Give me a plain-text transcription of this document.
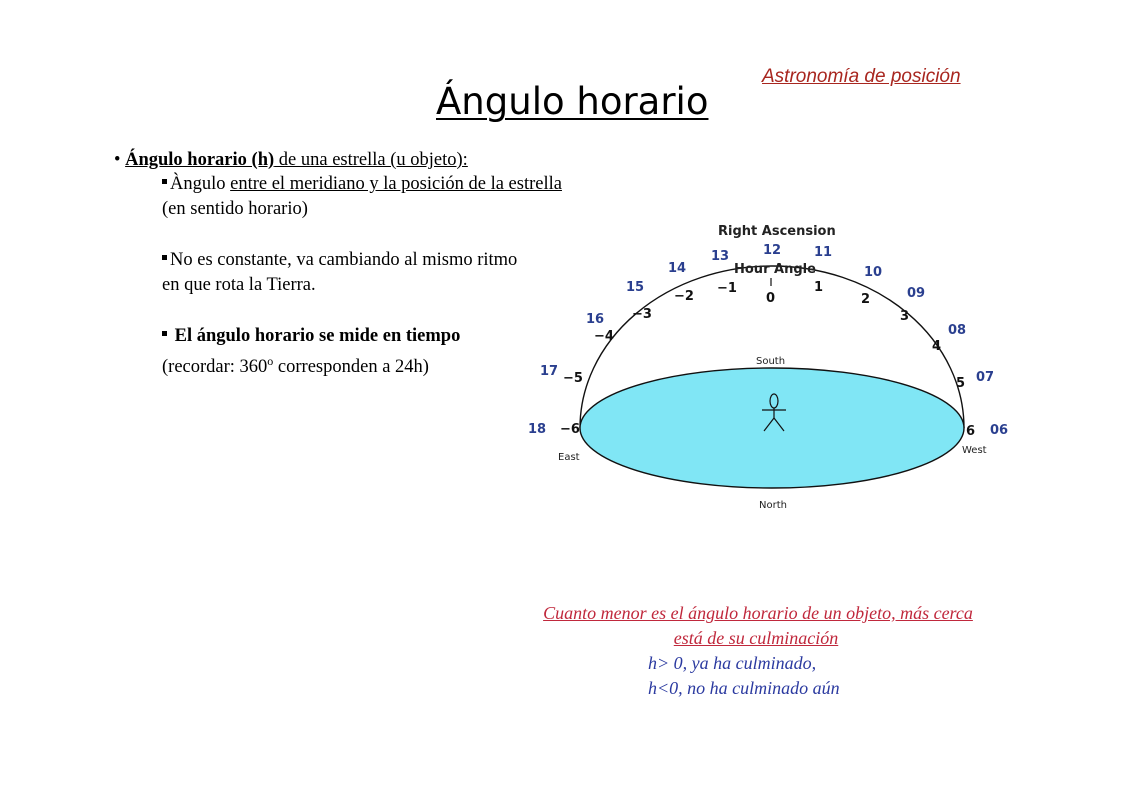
Astronomía de posición
Ángulo horario
• Ángulo horario (h) de una estrella (u objeto):
Àngulo entre el meridiano y la posición de la estrella (en sentido horario)
No es constante, va cambiando al mismo ritmo en que rota la Tierra.
El ángulo horario se mide en tiempo
(recordar: 360$^o$ corresponden a 24h)
Right Ascension
Hour Angle
South
North
East
West
18
17
16
15
14
13	12	11
10
09
08
07
06
−6
−5
−4
−3
−2
−1
0
1
2
3
4
5
6
Cuanto menor es el ángulo horario de un objeto, más cerca
está de su culminación
h> 0, ya ha culminado,
h<0, no ha culminado aún
